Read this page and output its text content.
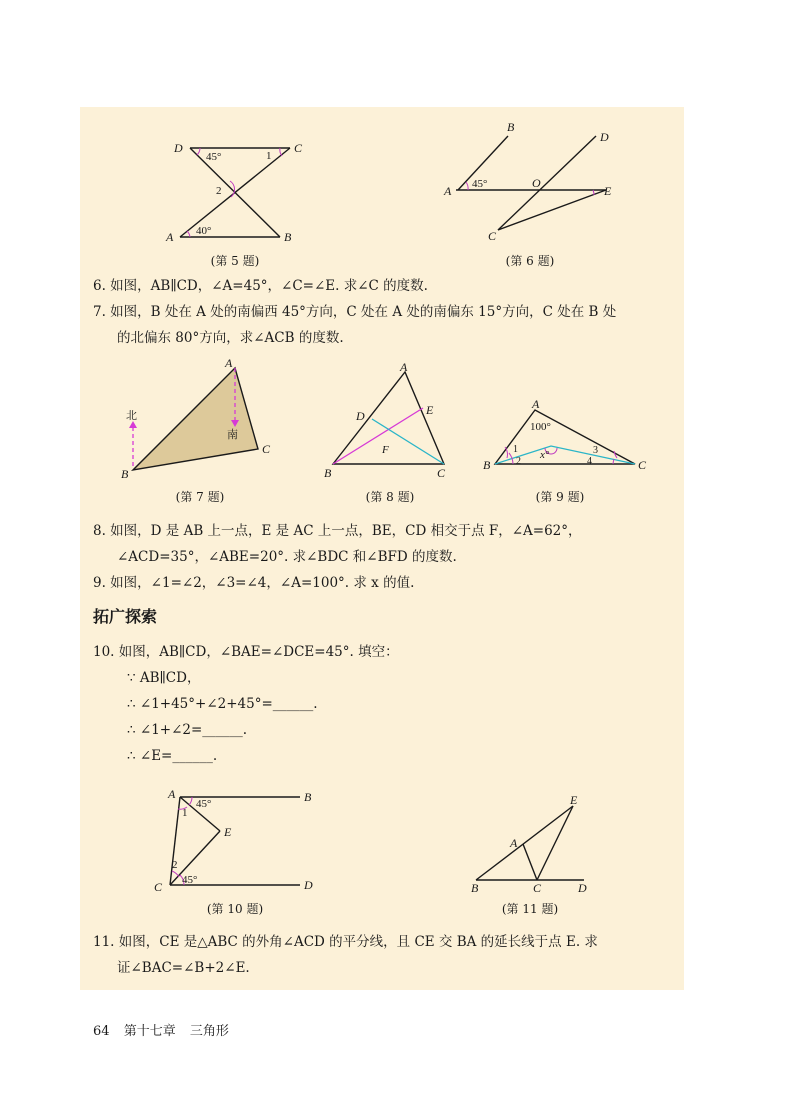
D	C
A	B
45°	1
2
40°
(第 5 题)
B
D
A
O
E
C
45°
(第 6 题)
6. 如图，AB∥CD，∠A=45°，∠C=∠E. 求∠C 的度数.
7. 如图，B 处在 A 处的南偏西 45°方向，C 处在 A 处的南偏东 15°方向，C 处在 B 处
的北偏东 80°方向，求∠ACB 的度数.
A
B
C
北
南
(第 7 题)
A
B	C
D	E
F
(第 8 题)
A
B	C
100°
x°
1
2
3
4
(第 9 题)
8. 如图，D 是 AB 上一点，E 是 AC 上一点，BE，CD 相交于点 F，∠A=62°，
∠ACD=35°，∠ABE=20°. 求∠BDC 和∠BFD 的度数.
9. 如图，∠1=∠2，∠3=∠4，∠A=100°. 求 x 的值.
拓广探索
10. 如图，AB∥CD，∠BAE=∠DCE=45°. 填空：
∵ AB∥CD，
∴ ∠1+45°+∠2+45°=______.
∴ ∠1+∠2=______.
∴ ∠E=______.
A	B
C	D
E
45°
45°
1
2
(第 10 题)
E
A
B	C	D
(第 11 题)
11. 如图，CE 是△ABC 的外角∠ACD 的平分线，且 CE 交 BA 的延长线于点 E. 求
证∠BAC=∠B+2∠E.
64 第十七章 三角形
